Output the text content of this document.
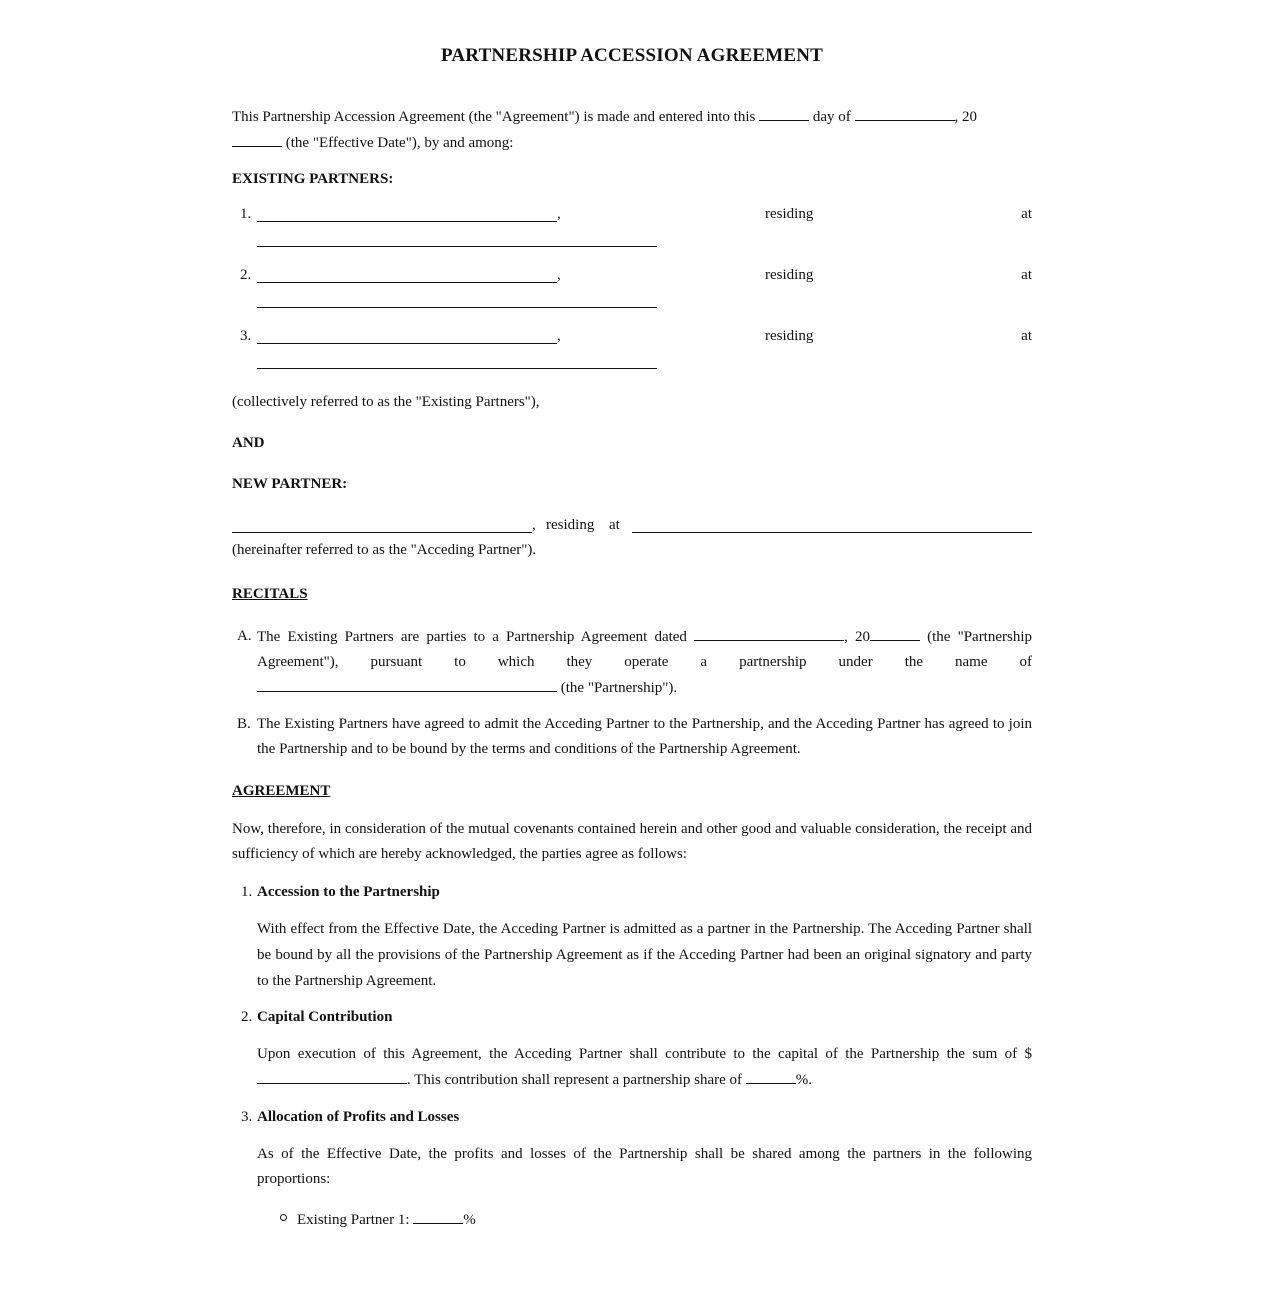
PARTNERSHIP ACCESSION AGREEMENT
This Partnership Accession Agreement (the "Agreement") is made and entered into this	day of	, 20
(the "Effective Date"), by and among:

EXISTING PARTNERS:

1.	,	residing	at
2.	,	residing	at
3.	,	residing	at

(collectively referred to as the "Existing Partners"),

AND

NEW PARTNER:

, residing at

(hereinafter referred to as the "Acceding Partner").

RECITALS

A. The Existing Partners are parties to a Partnership Agreement dated	, 20	(the "Partnership
Agreement"), pursuant to which they operate a partnership under the name of
(the "Partnership").
B. The Existing Partners have agreed to admit the Acceding Partner to the Partnership, and the Acceding Partner has agreed to join the Partnership and to be bound by the terms and conditions of the Partnership Agreement.

AGREEMENT

Now, therefore, in consideration of the mutual covenants contained herein and other good and valuable consideration, the receipt and sufficiency of which are hereby acknowledged, the parties agree as follows:

1. Accession to the Partnership

With effect from the Effective Date, the Acceding Partner is admitted as a partner in the Partnership. The Acceding Partner shall be bound by all the provisions of the Partnership Agreement as if the Acceding Partner had been an original signatory and party to the Partnership Agreement.

2. Capital Contribution
Upon execution of this Agreement, the Acceding Partner shall contribute to the capital of the Partnership the sum of $
. This contribution shall represent a partnership share of	%.
3. Allocation of Profits and Losses

As of the Effective Date, the profits and losses of the Partnership shall be shared among the partners in the following proportions:

Existing Partner 1:	%
